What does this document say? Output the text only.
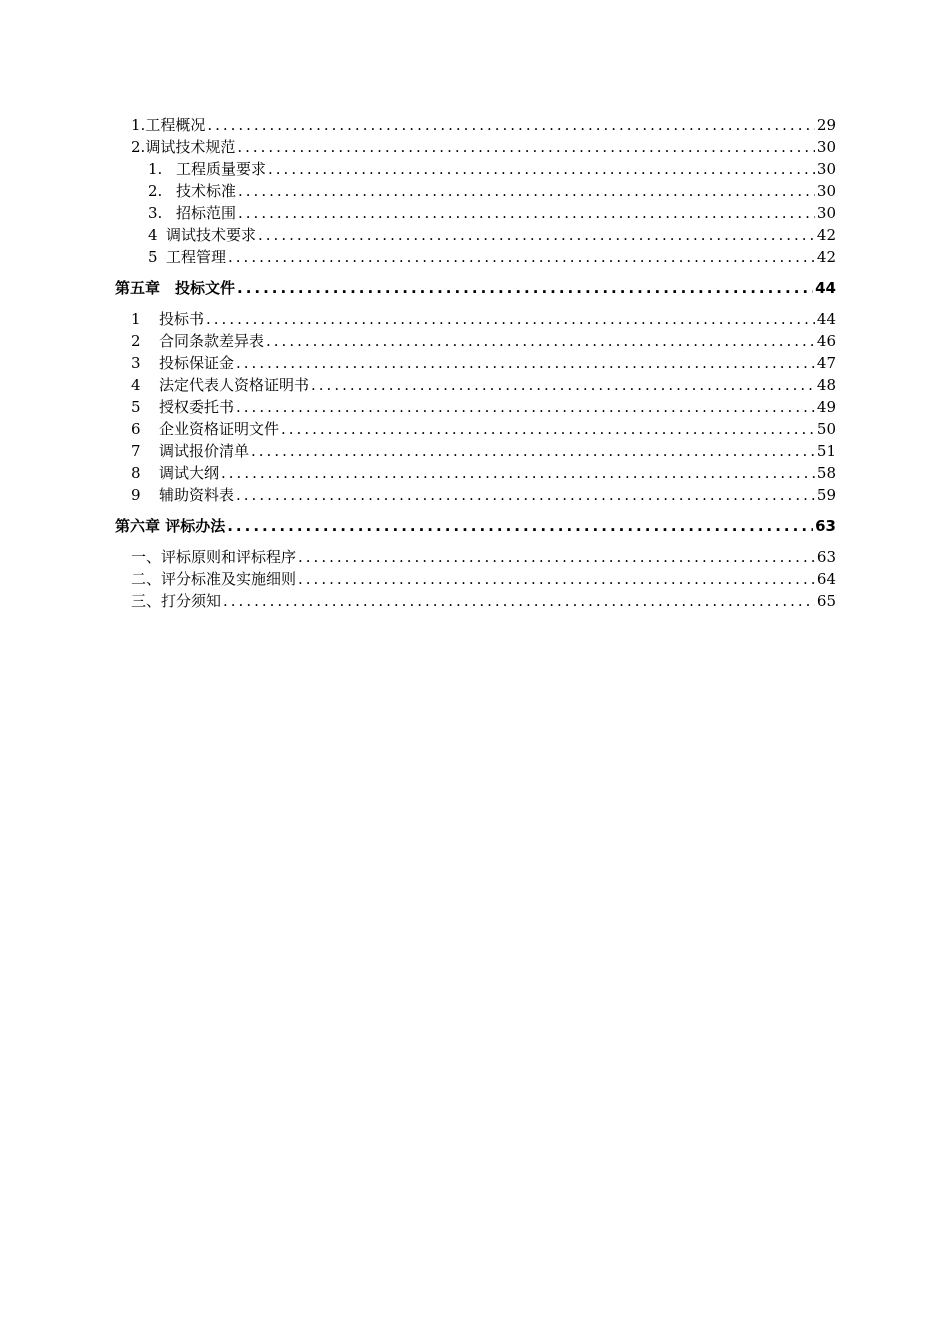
1.工程概况 .....	29
2.调试技术规范 .....	30
1. 工程质量要求 .....	30
2. 技术标准 .....	30
3. 招标范围 .....	30
4 调试技术要求 .....	42
5 工程管理 .....	42
第五章　投标文件 .....	44
1 投标书 .....	44
2 合同条款差异表 .....	46
3 投标保证金 .....	47
4 法定代表人资格证明书 .....	48
5 授权委托书 .....	49
6 企业资格证明文件 .....	50
7 调试报价清单 .....	51
8 调试大纲 .....	58
9 辅助资料表 .....	59
第六章 评标办法 .....	63
一、评标原则和评标程序 .....	63
二、评分标准及实施细则 .....	64
三、打分须知 .....	65
